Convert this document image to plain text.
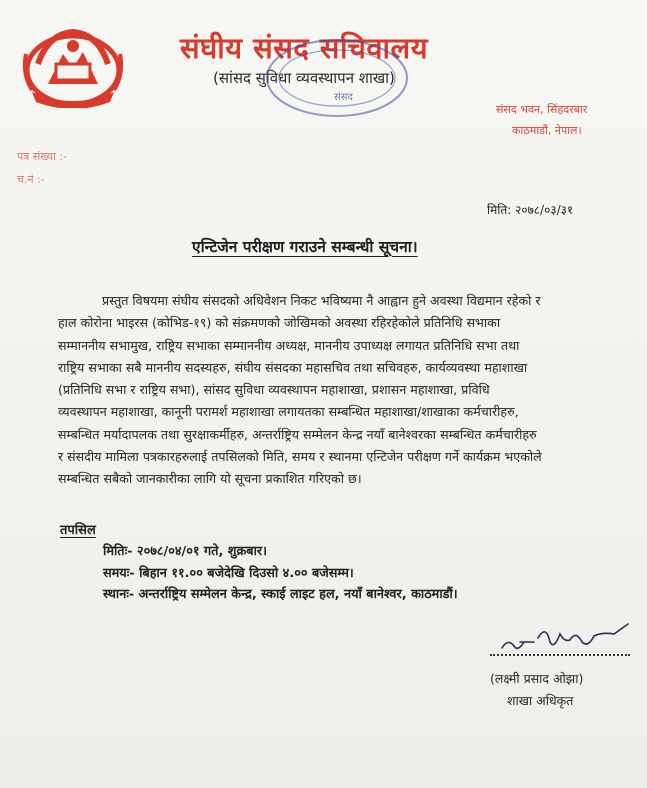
संघीय संसद सचिवालय
(सांसद सुविधा व्यवस्थापन शाखा)
संसद
संसद भवन, सिंहदरबार
काठमाडौं, नेपाल।
पत्र संख्या :-
च.नं :-
मिति: २०७८/०३/३१
एन्टिजेन परीक्षण गराउने सम्बन्धी सूचना।
प्रस्तुत विषयमा संघीय संसदको अधिवेशन निकट भविष्यमा नै आह्वान हुने अवस्था विद्यमान रहेको र
हाल कोरोना भाइरस (कोभिड-१९) को संक्रमणको जोखिमको अवस्था रहिरहेकोले प्रतिनिधि सभाका
सम्माननीय सभामुख, राष्ट्रिय सभाका सम्माननीय अध्यक्ष, माननीय उपाध्यक्ष लगायत प्रतिनिधि सभा तथा
राष्ट्रिय सभाका सबै माननीय सदस्यहरु, संघीय संसदका महासचिव तथा सचिवहरु, कार्यव्यवस्था महाशाखा
(प्रतिनिधि सभा र राष्ट्रिय सभा), सांसद सुविधा व्यवस्थापन महाशाखा, प्रशासन महाशाखा, प्रविधि
व्यवस्थापन महाशाखा, कानूनी परामर्श महाशाखा लगायतका सम्बन्धित महाशाखा/शाखाका कर्मचारीहरु,
सम्बन्धित मर्यादापलक तथा सुरक्षाकर्मीहरु, अन्तर्राष्ट्रिय सम्मेलन केन्द्र नयाँ बानेश्वरका सम्बन्धित कर्मचारीहरु
र संसदीय मामिला पत्रकारहरुलाई तपसिलको मिति, समय र स्थानमा एन्टिजेन परीक्षण गर्ने कार्यक्रम भएकोले
सम्बन्धित सबैको जानकारीका लागि यो सूचना प्रकाशित गरिएको छ।
तपसिल
मितिः- २०७८/०४/०१ गते, शुक्रबार।
समयः- बिहान ११.०० बजेदेखि दिउसो ४.०० बजेसम्म।
स्थानः- अन्तर्राष्ट्रिय सम्मेलन केन्द्र, स्काई लाइट हल, नयाँ बानेश्वर, काठमाडौं।
(लक्ष्मी प्रसाद ओझा)
शाखा अधिकृत
